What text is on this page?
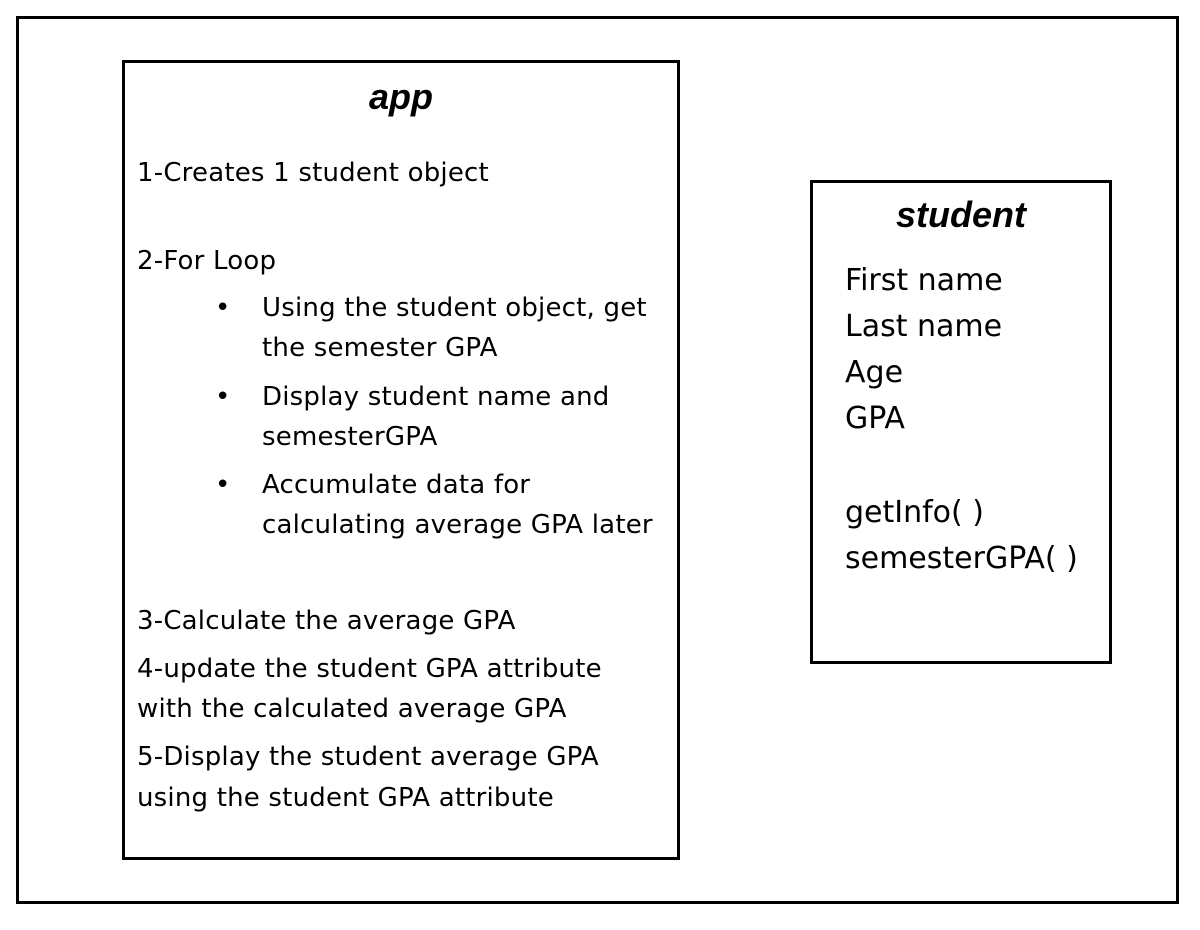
app
1-Creates 1 student object
2-For Loop
• Using the student object, get
the semester GPA
• Display student name and
semesterGPA
• Accumulate data for
calculating average GPA later
3-Calculate the average GPA
4-update the student GPA attribute
with the calculated average GPA
5-Display the student average GPA
using the student GPA attribute
student
First name
Last name
Age
GPA
getInfo( )
semesterGPA( )
